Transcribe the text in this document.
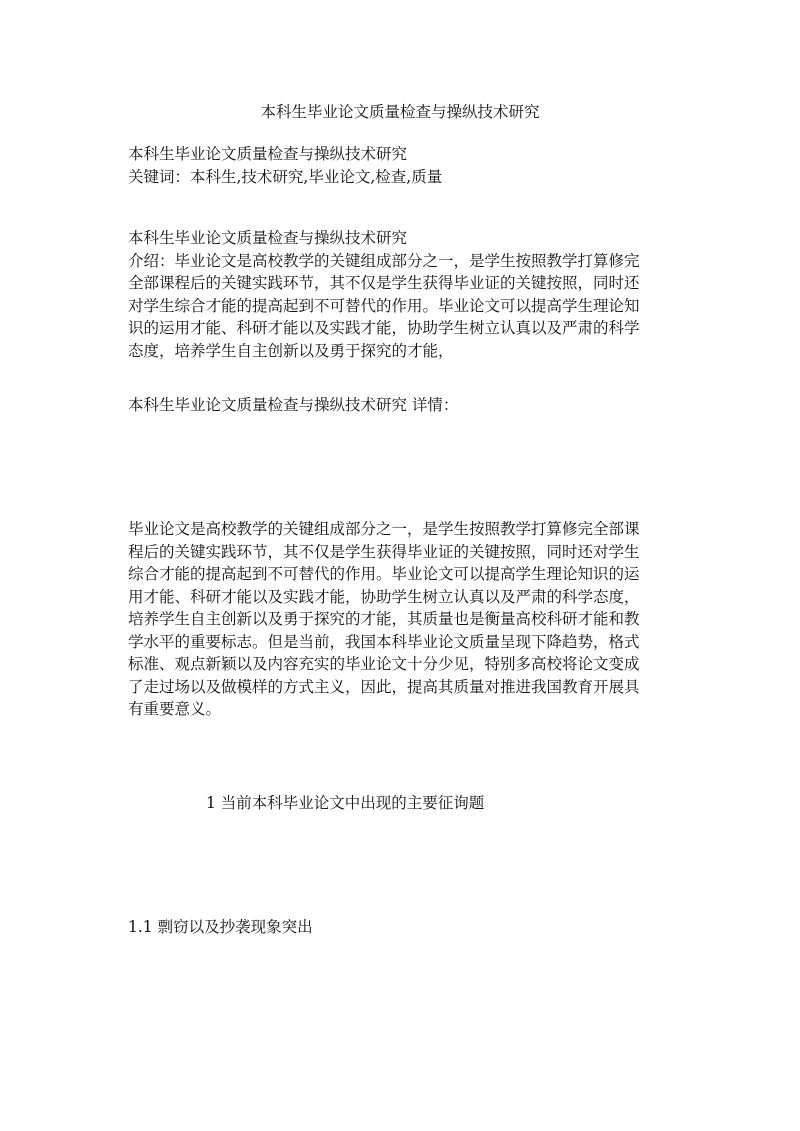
本科生毕业论文质量检查与操纵技术研究
本科生毕业论文质量检查与操纵技术研究
关键词：本科生,技术研究,毕业论文,检查,质量
本科生毕业论文质量检查与操纵技术研究
介绍：毕业论文是高校教学的关键组成部分之一，是学生按照教学打算修完
全部课程后的关键实践环节，其不仅是学生获得毕业证的关键按照，同时还
对学生综合才能的提高起到不可替代的作用。毕业论文可以提高学生理论知
识的运用才能、科研才能以及实践才能，协助学生树立认真以及严肃的科学
态度，培养学生自主创新以及勇于探究的才能，
本科生毕业论文质量检查与操纵技术研究 详情：
毕业论文是高校教学的关键组成部分之一，是学生按照教学打算修完全部课
程后的关键实践环节，其不仅是学生获得毕业证的关键按照，同时还对学生
综合才能的提高起到不可替代的作用。毕业论文可以提高学生理论知识的运
用才能、科研才能以及实践才能，协助学生树立认真以及严肃的科学态度，
培养学生自主创新以及勇于探究的才能，其质量也是衡量高校科研才能和教
学水平的重要标志。但是当前，我国本科毕业论文质量呈现下降趋势，格式
标准、观点新颖以及内容充实的毕业论文十分少见，特别多高校将论文变成
了走过场以及做模样的方式主义，因此，提高其质量对推进我国教育开展具
有重要意义。
1 当前本科毕业论文中出现的主要征询题
1.1 剽窃以及抄袭现象突出
